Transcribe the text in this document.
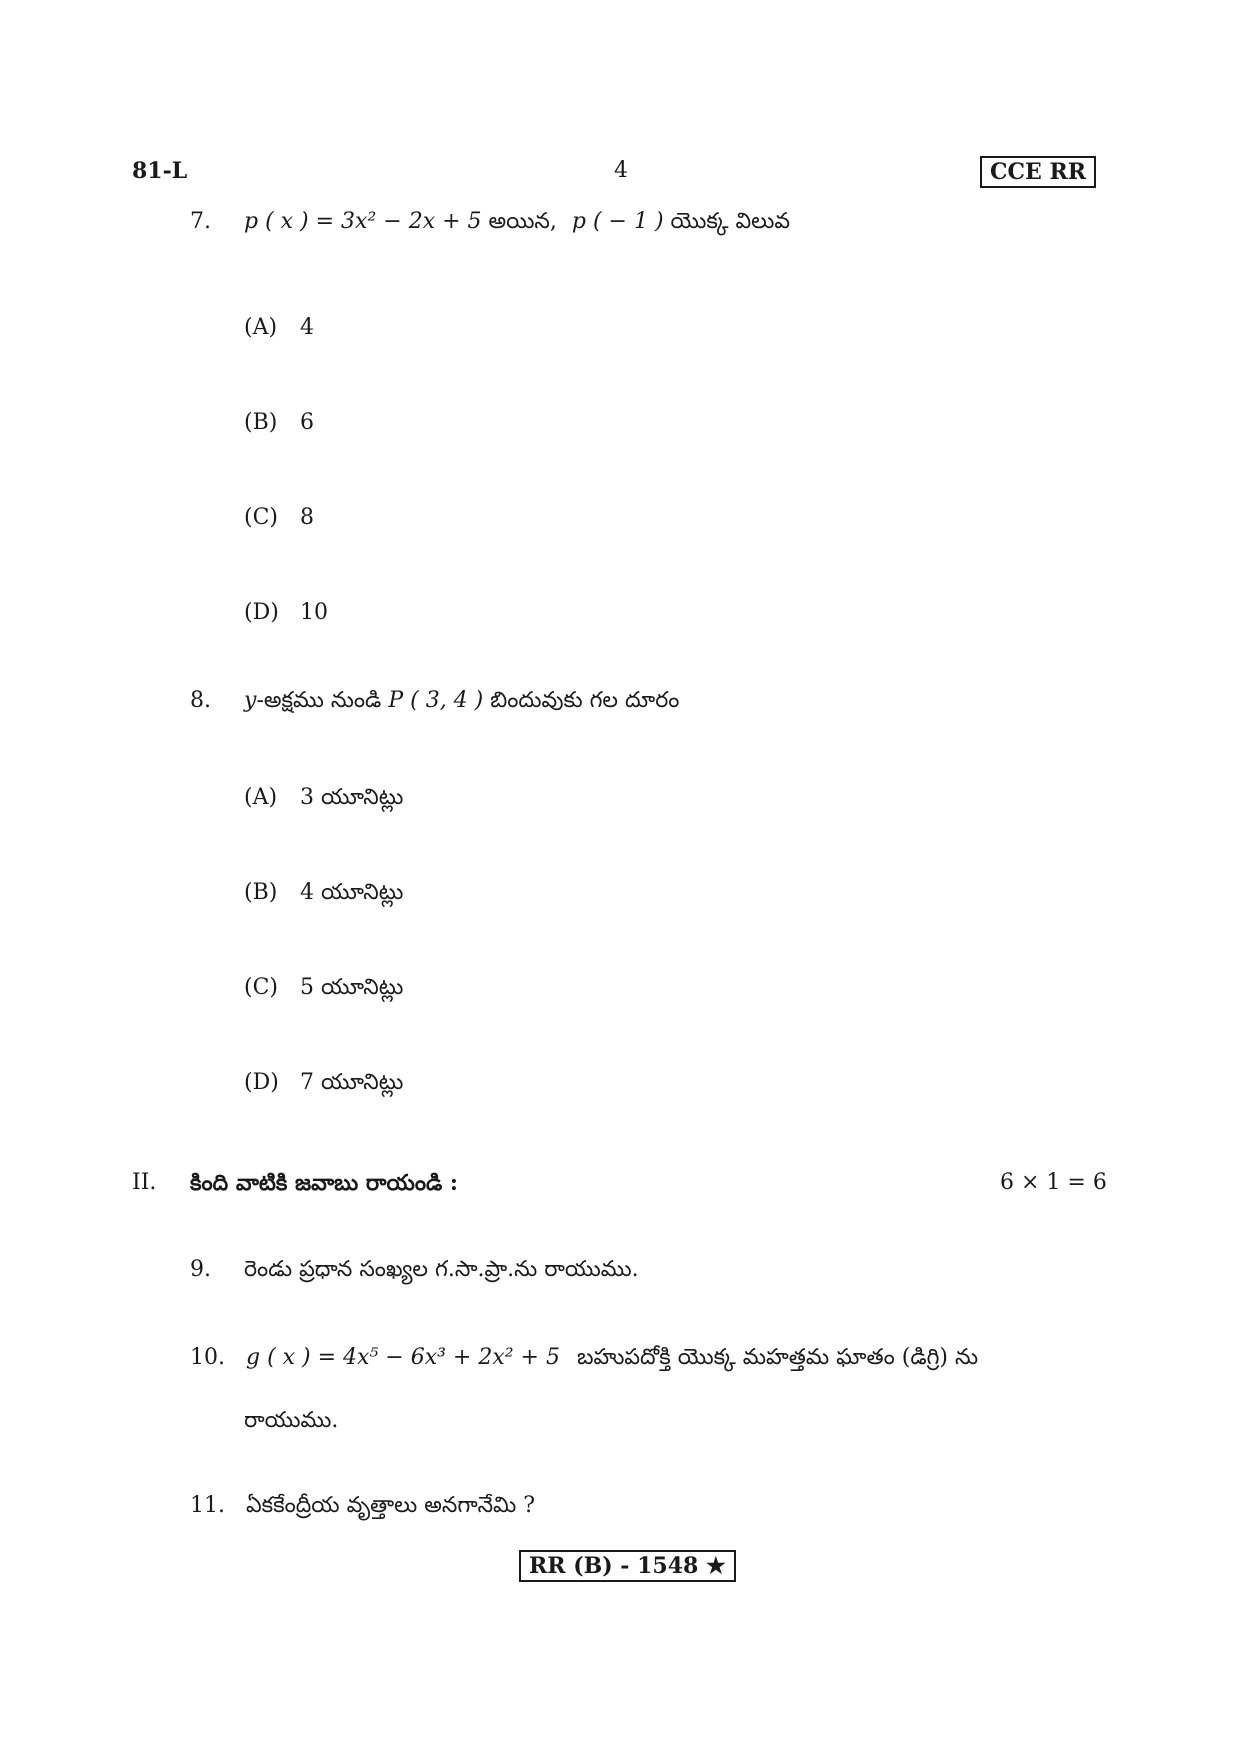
81-L	4	CCE RR
7. p ( x ) = 3x² − 2x + 5 అయిన, p ( − 1 ) యొక్క విలువ
(A) 4
(B) 6
(C) 8
(D) 10
8. y-అక్షము నుండి P ( 3, 4 ) బిందువుకు గల దూరం
(A) 3 యూనిట్లు
(B) 4 యూనిట్లు
(C) 5 యూనిట్లు
(D) 7 యూనిట్లు
II. కింది వాటికి జవాబు రాయండి :	6 × 1 = 6
9. రెండు ప్రధాన సంఖ్యల గ.సా.ప్రా.ను రాయుము.
10. g ( x ) = 4x⁵ − 6x³ + 2x² + 5 బహుపదోక్తి యొక్క మహత్తమ ఘాతం (డిగ్రి) ను
రాయుము.
11. ఏకకేంద్రీయ వృత్తాలు అనగానేమి ?
RR (B) - 1548 ★
